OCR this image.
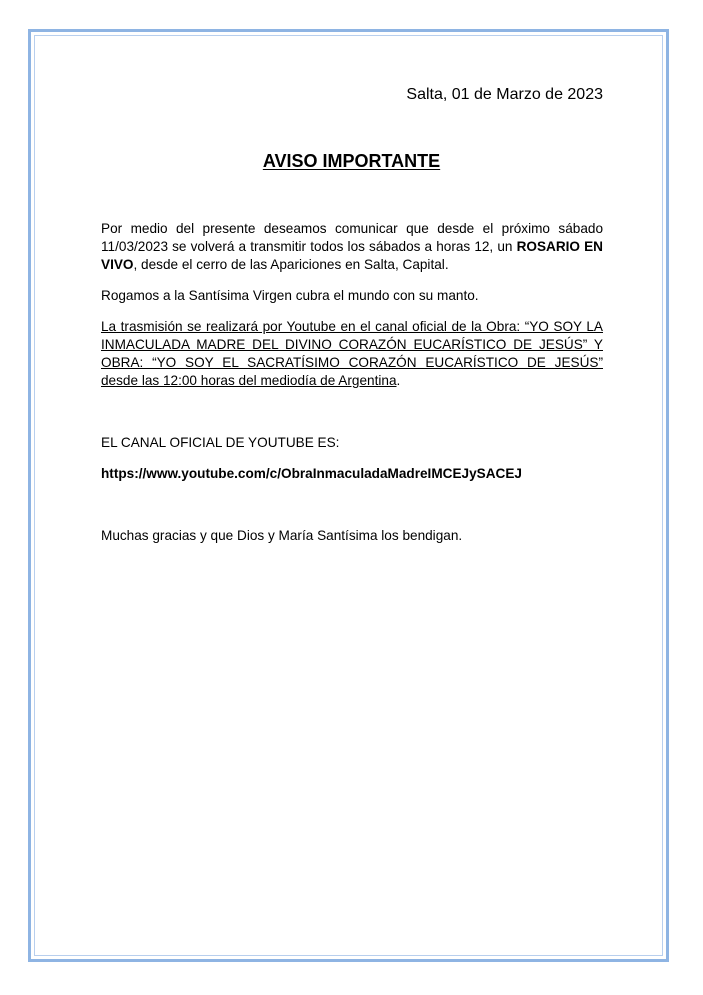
Salta, 01 de Marzo de 2023
AVISO IMPORTANTE
Por medio del presente deseamos comunicar que desde el próximo sábado 11/03/2023 se volverá a transmitir todos los sábados a horas 12, un ROSARIO EN VIVO, desde el cerro de las Apariciones en Salta, Capital.
Rogamos a la Santísima Virgen cubra el mundo con su manto.
La trasmisión se realizará por Youtube en el canal oficial de la Obra: “YO SOY LA INMACULADA MADRE DEL DIVINO CORAZÓN EUCARÍSTICO DE JESÚS” Y OBRA: “YO SOY EL SACRATÍSIMO CORAZÓN EUCARÍSTICO DE JESÚS” desde las 12:00 horas del mediodía de Argentina.
EL CANAL OFICIAL DE YOUTUBE ES:
https://www.youtube.com/c/ObraInmaculadaMadreIMCEJySACEJ
Muchas gracias y que Dios y María Santísima los bendigan.
